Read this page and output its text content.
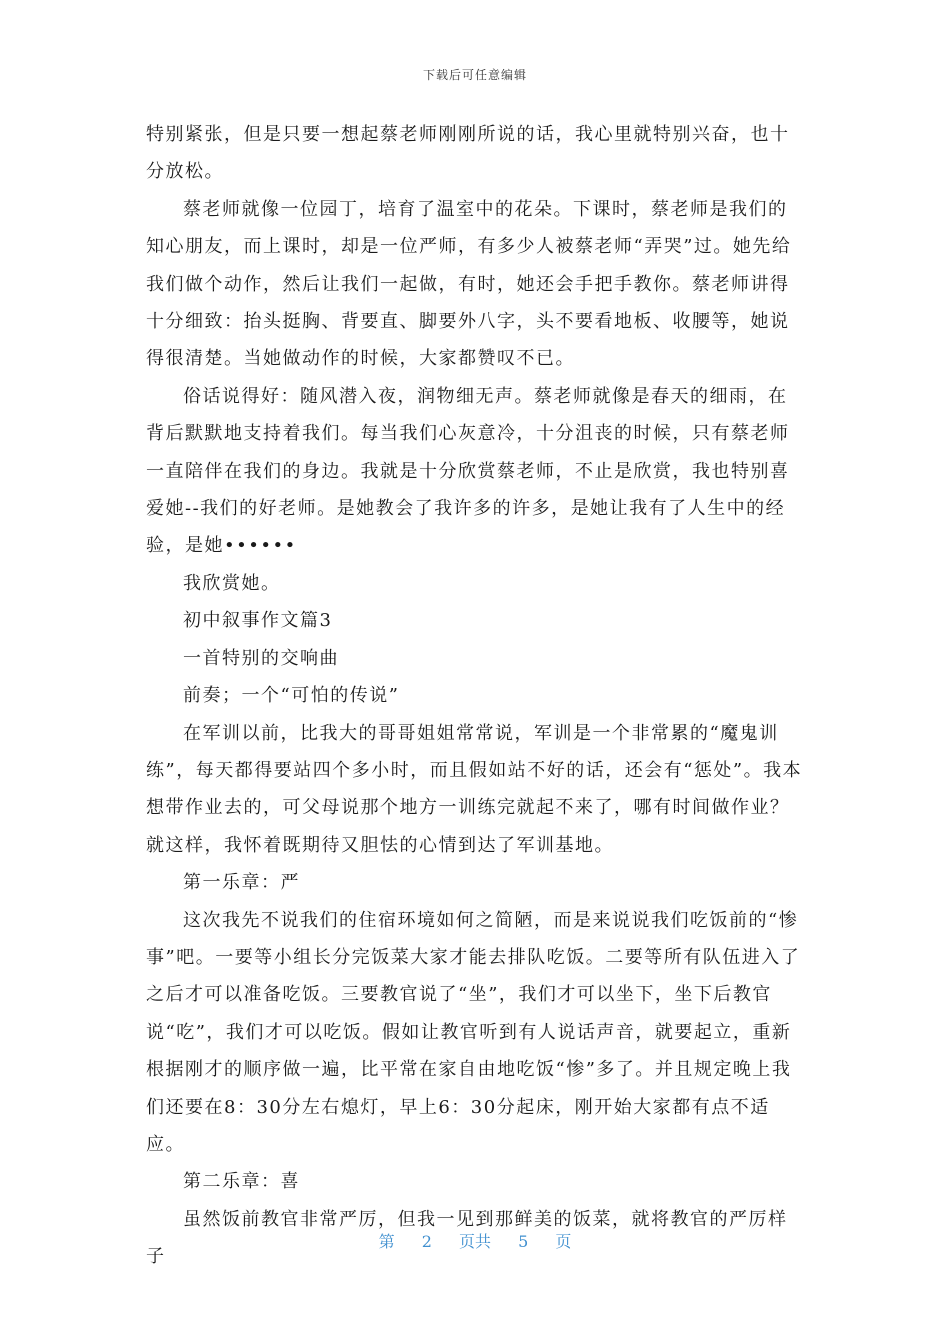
下载后可任意编辑

特别紧张，但是只要一想起蔡老师刚刚所说的话，我心里就特别兴奋，也十分放松。

蔡老师就像一位园丁，培育了温室中的花朵。下课时，蔡老师是我们的知心朋友，而上课时，却是一位严师，有多少人被蔡老师“弄哭”过。她先给我们做个动作，然后让我们一起做，有时，她还会手把手教你。蔡老师讲得十分细致：抬头挺胸、背要直、脚要外八字，头不要看地板、收腰等，她说得很清楚。当她做动作的时候，大家都赞叹不已。

俗话说得好：随风潜入夜，润物细无声。蔡老师就像是春天的细雨，在背后默默地支持着我们。每当我们心灰意冷，十分沮丧的时候，只有蔡老师一直陪伴在我们的身边。我就是十分欣赏蔡老师，不止是欣赏，我也特别喜爱她--我们的好老师。是她教会了我许多的许多，是她让我有了人生中的经验，是她••••••

我欣赏她。

初中叙事作文篇3

一首特别的交响曲

前奏；一个“可怕的传说”

在军训以前，比我大的哥哥姐姐常常说，军训是一个非常累的“魔鬼训练”，每天都得要站四个多小时，而且假如站不好的话，还会有“惩处”。我本想带作业去的，可父母说那个地方一训练完就起不来了，哪有时间做作业？就这样，我怀着既期待又胆怯的心情到达了军训基地。

第一乐章：严

这次我先不说我们的住宿环境如何之简陋，而是来说说我们吃饭前的“惨事”吧。一要等小组长分完饭菜大家才能去排队吃饭。二要等所有队伍进入了之后才可以准备吃饭。三要教官说了“坐”，我们才可以坐下，坐下后教官说“吃”，我们才可以吃饭。假如让教官听到有人说话声音，就要起立，重新根据刚才的顺序做一遍，比平常在家自由地吃饭“惨”多了。并且规定晚上我们还要在8：30分左右熄灯，早上6：30分起床，刚开始大家都有点不适应。

第二乐章：喜

虽然饭前教官非常严厉，但我一见到那鲜美的饭菜，就将教官的严厉样子

第 2 页共 5 页
